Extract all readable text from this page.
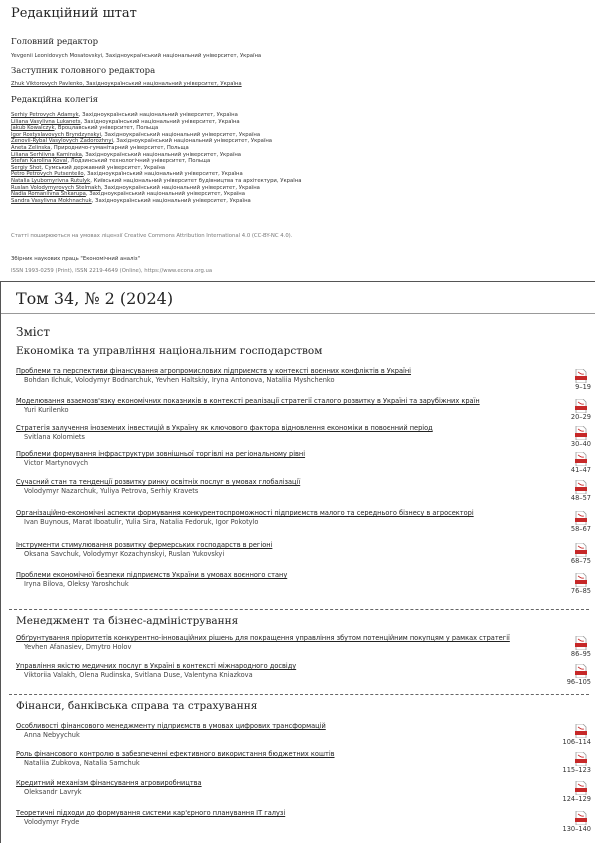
Редакційний штат
Головний редактор
Yevgeniі Leonidovych Mosatovskyi, Західноукраїнський національний університет, Україна
Заступник головного редактора
Zhuk Viktorovych Pavlenko, Західноукраїнський національний університет, Україна
Редакційна колегія
Serhiy Petrovych Adamyk, Західноукраїнський національний університет, Україна
Liliana Vasylivna Lukanets, Західноукраїнський національний університет, Україна
Jakub Kowalczyk, Вроцлавський університет, Польща
Igor Rostyslavovych Bryndzynskyi, Західноукраїнський національний університет, Україна
Zenovii-Rybal Vasylovych Zadorozhnyi, Західноукраїнський національний університет, Україна
Aneta Zelinska, Природничо-гуманітарний університет, Польща
Liliana Serhiivna Kaminska, Західноукраїнський національний університет, Україна
Stefan Karolina Koval, Лодзинський технологічний університет, Польща
Sergiy Shot, Сумський державний університет, Україна
Petro Petrovych Putsenteilo, Західноукраїнський національний університет, Україна
Natalia Lyubomyrivna Rutulyk, Київський національний університет будівництва та архітектури, Україна
Ruslan Volodymyrovych Stelmakh, Західноукраїнський національний університет, Україна
Nadia Romaniivna Shkarupa, Західноукраїнський національний університет, Україна
Sandra Vasylivna Mokhnachuk, Західноукраїнський національний університет, Україна
Статті поширюються на умовах ліцензії Creative Commons Attribution International 4.0 (CC-BY-NC 4.0).
Збірник наукових праць "Економічний аналіз"
ISSN 1993-0259 (Print), ISSN 2219-4649 (Online), https://www.econa.org.ua
Том 34, № 2 (2024)
Зміст
Економіка та управління національним господарством
Проблеми та перспективи фінансування агропромислових підприємств у контексті воєнних конфліктів в Україні
Bohdan Ilchuk, Volodymyr Bodnarchuk, Yevhen Haltskiy, Iryna Antonova, Nataliia Myshchenko
9–19
Моделювання взаємозв'язку економічних показників в контексті реалізації стратегії сталого розвитку в Україні та зарубіжних країн
Yuri Kurilenko
20–29
Стратегія залучення іноземних інвестицій в Україну як ключового фактора відновлення економіки в повоєнний період
Svitlana Kolomiets
30–40
Проблеми формування інфраструктури зовнішньої торгівлі на регіональному рівні
Victor Martynovych
41–47
Сучасний стан та тенденції розвитку ринку освітніх послуг в умовах глобалізації
Volodymyr Nazarchuk, Yuliya Petrova, Serhiy Kravets
48–57
Організаційно-економічні аспекти формування конкурентоспроможності підприємств малого та середнього бізнесу в агросекторі
Ivan Buynous, Marat Iboatulir, Yulia Sira, Natalia Fedoruk, Igor Pokotylo
58–67
Інструменти стимулювання розвитку фермерських господарств в регіоні
Oksana Savchuk, Volodymyr Kozachynskyi, Ruslan Yukovskyi
68–75
Проблеми економічної безпеки підприємств України в умовах воєнного стану
Iryna Bilova, Oleksy Yaroshchuk
76–85
Менеджмент та бізнес-адміністрування
Обґрунтування пріоритетів конкурентно-інноваційних рішень для покращення управління збутом потенційним покупцям у рамках стратегії
Yevhen Afanasiev, Dmytro Holov
86–95
Управління якістю медичних послуг в Україні в контексті міжнародного досвіду
Viktoriia Valakh, Olena Rudinska, Svitlana Duse, Valentyna Kniazkova
96–105
Фінанси, банківська справа та страхування
Особливості фінансового менеджменту підприємств в умовах цифрових трансформацій
Anna Nebyychuk
106–114
Роль фінансового контролю в забезпеченні ефективного використання бюджетних коштів
Nataliia Zubkova, Natalia Samchuk
115–123
Кредитний механізм фінансування агровиробництва
Oleksandr Lavryk
124–129
Теоретичні підходи до формування системи кар'єрного планування IT галузі
Volodymyr Fryde
130–140
